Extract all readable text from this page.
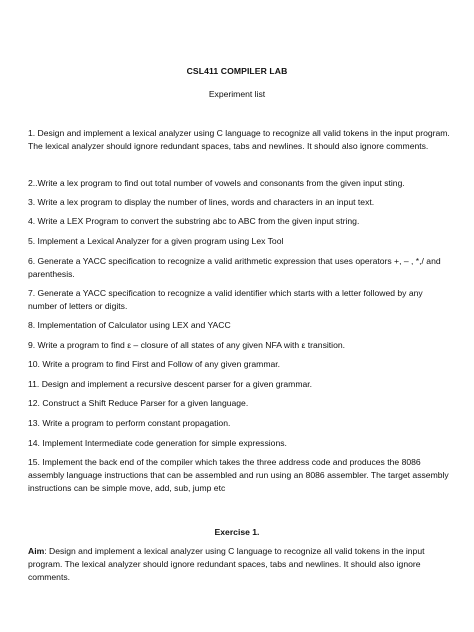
CSL411 COMPILER LAB
Experiment list
1. Design and implement a lexical analyzer using C language to recognize all valid tokens in the input program. The lexical analyzer should ignore redundant spaces, tabs and newlines. It should also ignore comments.
2..Write a lex program to find out total number of vowels and consonants from the given input sting.
3. Write a lex program to display the number of lines, words and characters in an input text.
4. Write a LEX Program to convert the substring abc to ABC from the given input string.
5. Implement a Lexical Analyzer for a given program using Lex Tool
6. Generate a YACC specification to recognize a valid arithmetic expression that uses operators +, – , *,/ and parenthesis.
7. Generate a YACC specification to recognize a valid identifier which starts with a letter followed by any number of letters or digits.
8. Implementation of Calculator using LEX and YACC
9. Write a program to find ε – closure of all states of any given NFA with ε transition.
10. Write a program to find First and Follow of any given grammar.
11. Design and implement a recursive descent parser for a given grammar.
12. Construct a Shift Reduce Parser for a given language.
13. Write a program to perform constant propagation.
14. Implement Intermediate code generation for simple expressions.
15. Implement the back end of the compiler which takes the three address code and produces the 8086 assembly language instructions that can be assembled and run using an 8086 assembler. The target assembly instructions can be simple move, add, sub, jump etc
Exercise 1.
Aim: Design and implement a lexical analyzer using C language to recognize all valid tokens in the input program. The lexical analyzer should ignore redundant spaces, tabs and newlines. It should also ignore comments.
